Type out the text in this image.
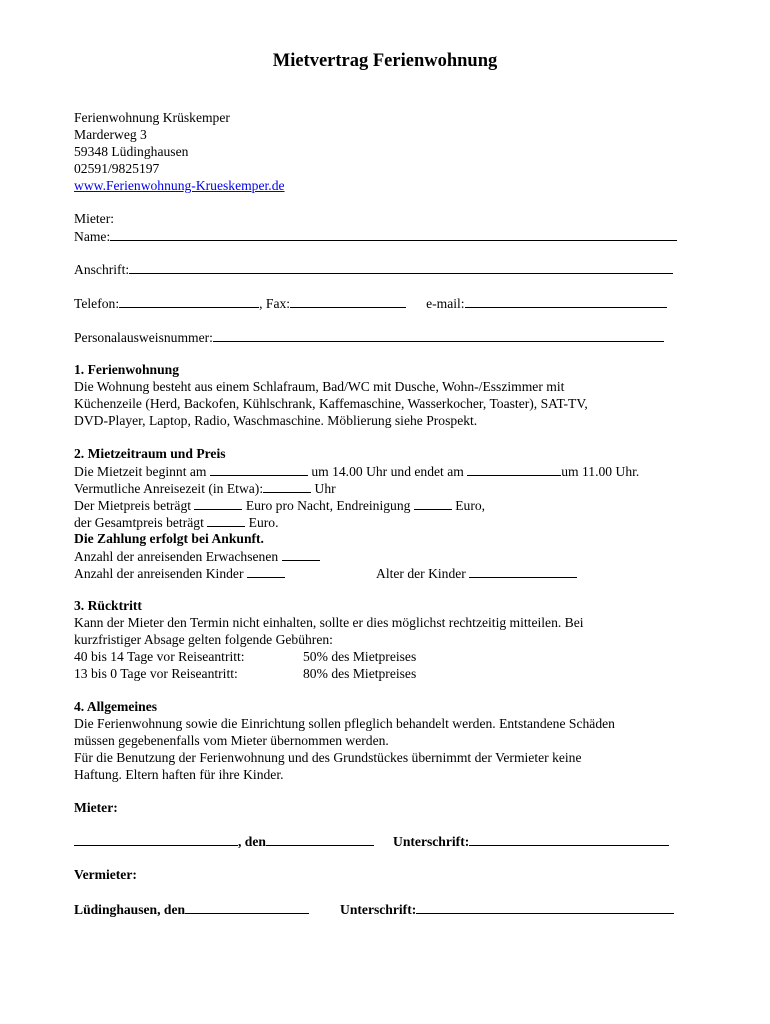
Mietvertrag Ferienwohnung
Ferienwohnung Krüskemper
Marderweg 3
59348 Lüdinghausen
02591/9825197
www.Ferienwohnung-Krueskemper.de
Mieter:
Name:
Anschrift:
Telefon:	, Fax:	e-mail:
Personalausweisnummer:
1. Ferienwohnung
Die Wohnung besteht aus einem Schlafraum, Bad/WC mit Dusche, Wohn-/Esszimmer mit
Küchenzeile (Herd, Backofen, Kühlschrank, Kaffemaschine, Wasserkocher, Toaster), SAT-TV,
DVD-Player, Laptop, Radio, Waschmaschine. Möblierung siehe Prospekt.
2. Mietzeitraum und Preis
Die Mietzeit beginnt am	um 14.00 Uhr und endet am	um 11.00 Uhr.
Vermutliche Anreisezeit (in Etwa):	Uhr
Der Mietpreis beträgt	Euro pro Nacht, Endreinigung	Euro,
der Gesamtpreis beträgt	Euro.
Die Zahlung erfolgt bei Ankunft.
Anzahl der anreisenden Erwachsenen
Anzahl der anreisenden Kinder	Alter der Kinder
3. Rücktritt
Kann der Mieter den Termin nicht einhalten, sollte er dies möglichst rechtzeitig mitteilen. Bei
kurzfristiger Absage gelten folgende Gebühren:
40 bis 14 Tage vor Reiseantritt:	50% des Mietpreises
13 bis 0 Tage vor Reiseantritt:	80% des Mietpreises
4. Allgemeines
Die Ferienwohnung sowie die Einrichtung sollen pfleglich behandelt werden. Entstandene Schäden
müssen gegebenenfalls vom Mieter übernommen werden.
Für die Benutzung der Ferienwohnung und des Grundstückes übernimmt der Vermieter keine
Haftung. Eltern haften für ihre Kinder.
Mieter:
, den	Unterschrift:
Vermieter:
Lüdinghausen, den	Unterschrift:
